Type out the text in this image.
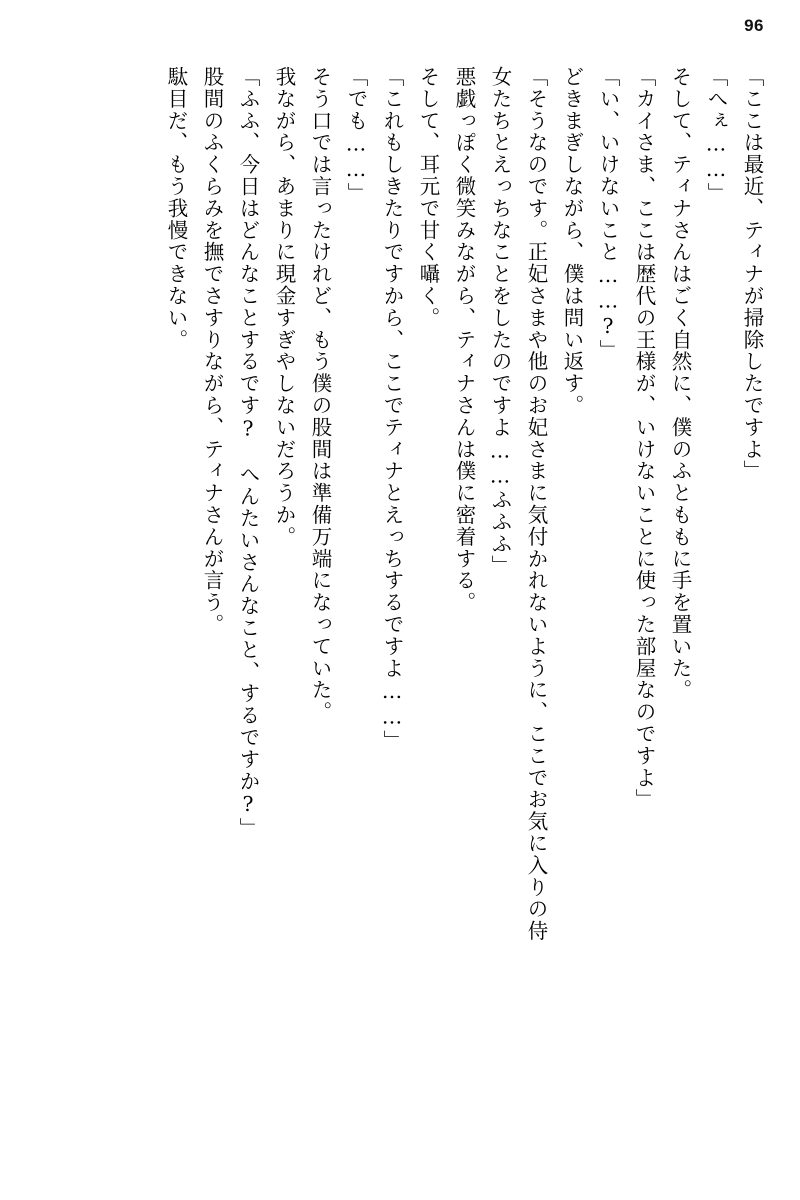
96
「ここは最近、ティナが掃除したですよ」
「へぇ……」
そして、ティナさんはごく自然に、僕のふとももに手を置いた。
「カイさま、ここは歴代の王様が、いけないことに使った部屋なのですよ」
「い、いけないこと……?」
どきまぎしながら、僕は問い返す。
「そうなのです。正妃さまや他のお妃さまに気付かれないように、ここでお気に入りの侍
女たちとえっちなことをしたのですよ……ふふふ」
悪戯っぽく微笑みながら、ティナさんは僕に密着する。
そして、耳元で甘く囁く。
「これもしきたりですから、ここでティナとえっちするですよ……」
「でも……」
そう口では言ったけれど、もう僕の股間は準備万端になっていた。
我ながら、あまりに現金すぎやしないだろうか。
「ふふ、今日はどんなことするです?　へんたいさんなこと、するですか?」
股間のふくらみを撫でさすりながら、ティナさんが言う。
駄目だ、もう我慢できない。
